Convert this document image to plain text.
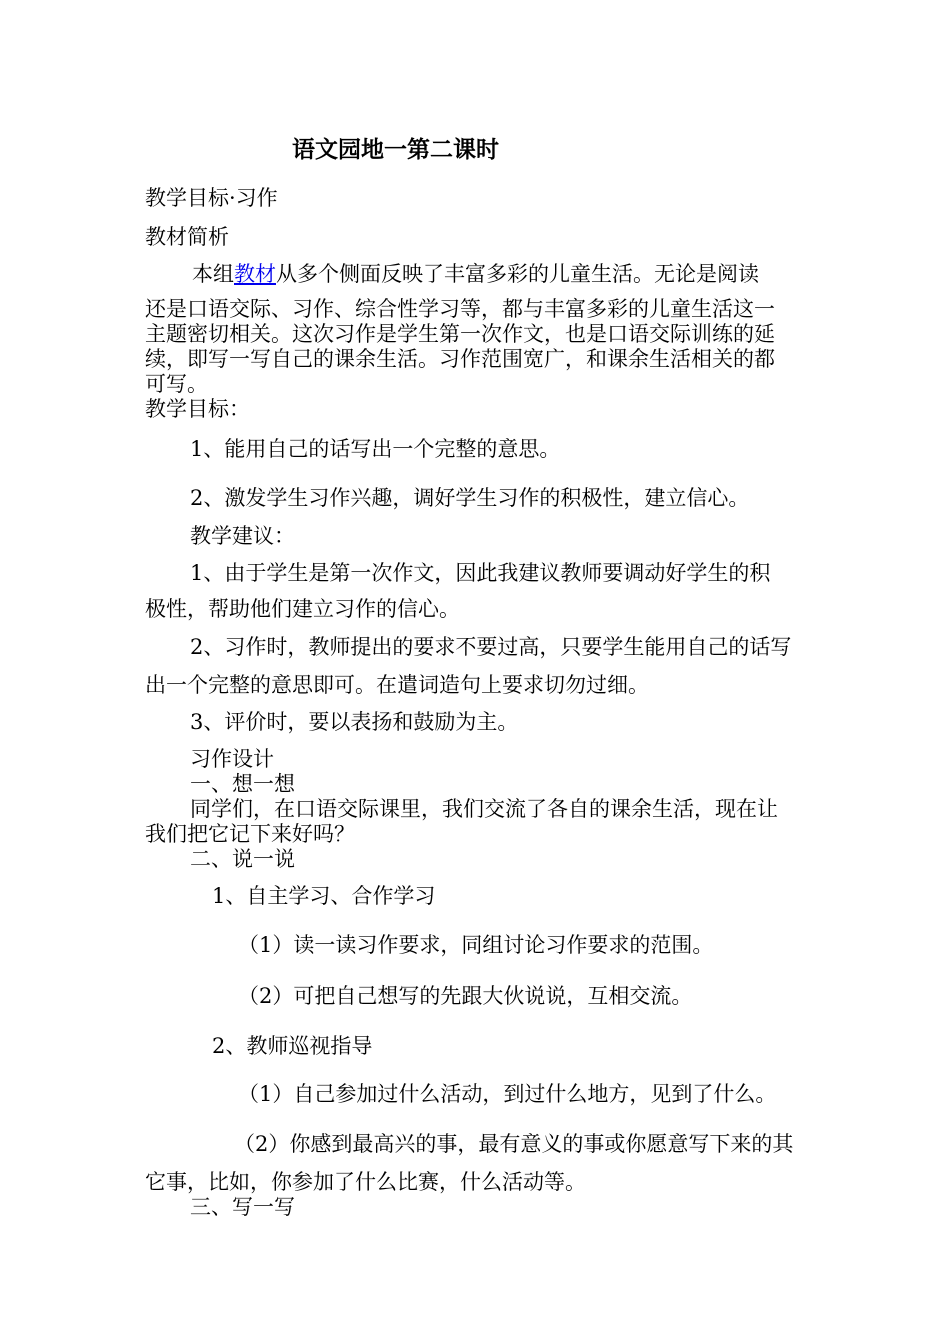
语文园地一第二课时
教学目标·习作
教材简析
本组教材从多个侧面反映了丰富多彩的儿童生活。无论是阅读
还是口语交际、习作、综合性学习等，都与丰富多彩的儿童生活这一
主题密切相关。这次习作是学生第一次作文，也是口语交际训练的延
续，即写一写自己的课余生活。习作范围宽广，和课余生活相关的都
可写。
教学目标：
1、能用自己的话写出一个完整的意思。
2、激发学生习作兴趣，调好学生习作的积极性，建立信心。
教学建议：
1、由于学生是第一次作文，因此我建议教师要调动好学生的积
极性，帮助他们建立习作的信心。
2、习作时，教师提出的要求不要过高，只要学生能用自己的话写
出一个完整的意思即可。在遣词造句上要求切勿过细。
3、评价时，要以表扬和鼓励为主。
习作设计
一、想一想
同学们，在口语交际课里，我们交流了各自的课余生活，现在让
我们把它记下来好吗？
二、说一说
1、自主学习、合作学习
（1）读一读习作要求，同组讨论习作要求的范围。
（2）可把自己想写的先跟大伙说说，互相交流。
2、教师巡视指导
（1）自己参加过什么活动，到过什么地方，见到了什么。
（2）你感到最高兴的事，最有意义的事或你愿意写下来的其
它事，比如，你参加了什么比赛，什么活动等。
三、写一写
